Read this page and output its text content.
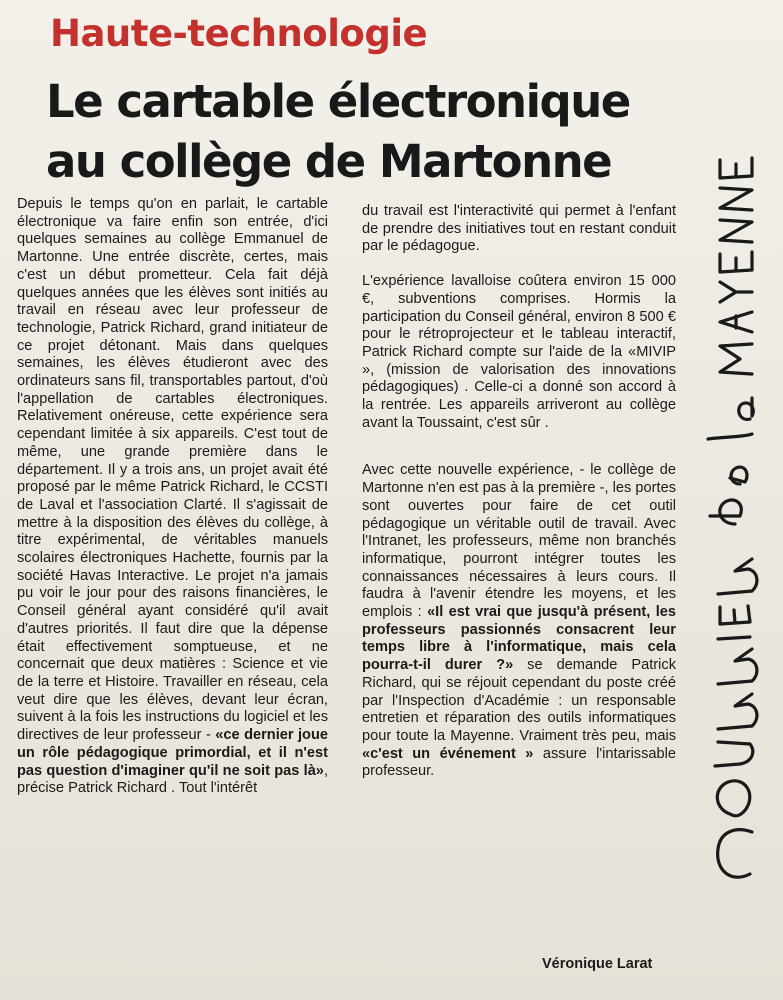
Haute-technologie
Le cartable électronique
au collège de Martonne

Depuis le temps qu'on en parlait, le cartable électronique va faire enfin son entrée, d'ici quelques semaines au collège Emmanuel de Martonne. Une entrée discrète, certes, mais c'est un début prometteur. Cela fait déjà quelques années que les élèves sont initiés au travail en réseau avec leur professeur de technologie, Patrick Richard, grand initiateur de ce projet détonant. Mais dans quelques semaines, les élèves étudieront avec des ordinateurs sans fil, transportables partout, d'où l'appellation de cartables électroniques. Relativement onéreuse, cette expérience sera cependant limitée à six appareils. C'est tout de même, une grande première dans le département. Il y a trois ans, un projet avait été proposé par le même Patrick Richard, le CCSTI de Laval et l'association Clarté. Il s'agissait de mettre à la disposition des élèves du collège, à titre expérimental, de véritables manuels scolaires électroniques Hachette, fournis par la société Havas Interactive. Le projet n'a jamais pu voir le jour pour des raisons financières, le Conseil général ayant considéré qu'il avait d'autres priorités. Il faut dire que la dépense était effectivement somptueuse, et ne concernait que deux matières : Science et vie de la terre et Histoire. Travailler en réseau, cela veut dire que les élèves, devant leur écran, suivent à la fois les instructions du logiciel et les directives de leur professeur - «ce dernier joue un rôle pédagogique primordial, et il n'est pas question d'imaginer qu'il ne soit pas là», précise Patrick Richard . Tout l'intérêt

du travail est l'interactivité qui permet à l'enfant de prendre des initiatives tout en restant conduit par le pédagogue.

L'expérience lavalloise coûtera environ 15 000 €, subventions comprises. Hormis la participation du Conseil général, environ 8 500 € pour le rétroprojecteur et le tableau interactif, Patrick Richard compte sur l'aide de la «MIVIP », (mission de valorisation des innovations pédagogiques) . Celle-ci a donné son accord à la rentrée. Les appareils arriveront au collège avant la Toussaint, c'est sûr .

Avec cette nouvelle expérience, - le collège de Martonne n'en est pas à la première -, les portes sont ouvertes pour faire de cet outil pédagogique un véritable outil de travail. Avec l'Intranet, les professeurs, même non branchés informatique, pourront intégrer toutes les connaissances nécessaires à leurs cours. Il faudra à l'avenir étendre les moyens, et les emplois : «Il est vrai que jusqu'à présent, les professeurs passionnés consacrent leur temps libre à l'informatique, mais cela pourra-t-il durer ?» se demande Patrick Richard, qui se réjouit cependant du poste créé par l'Inspection d'Académie : un responsable entretien et réparation des outils informatiques pour toute la Mayenne. Vraiment très peu, mais «c'est un événement » assure l'intarissable professeur.

Véronique Larat
